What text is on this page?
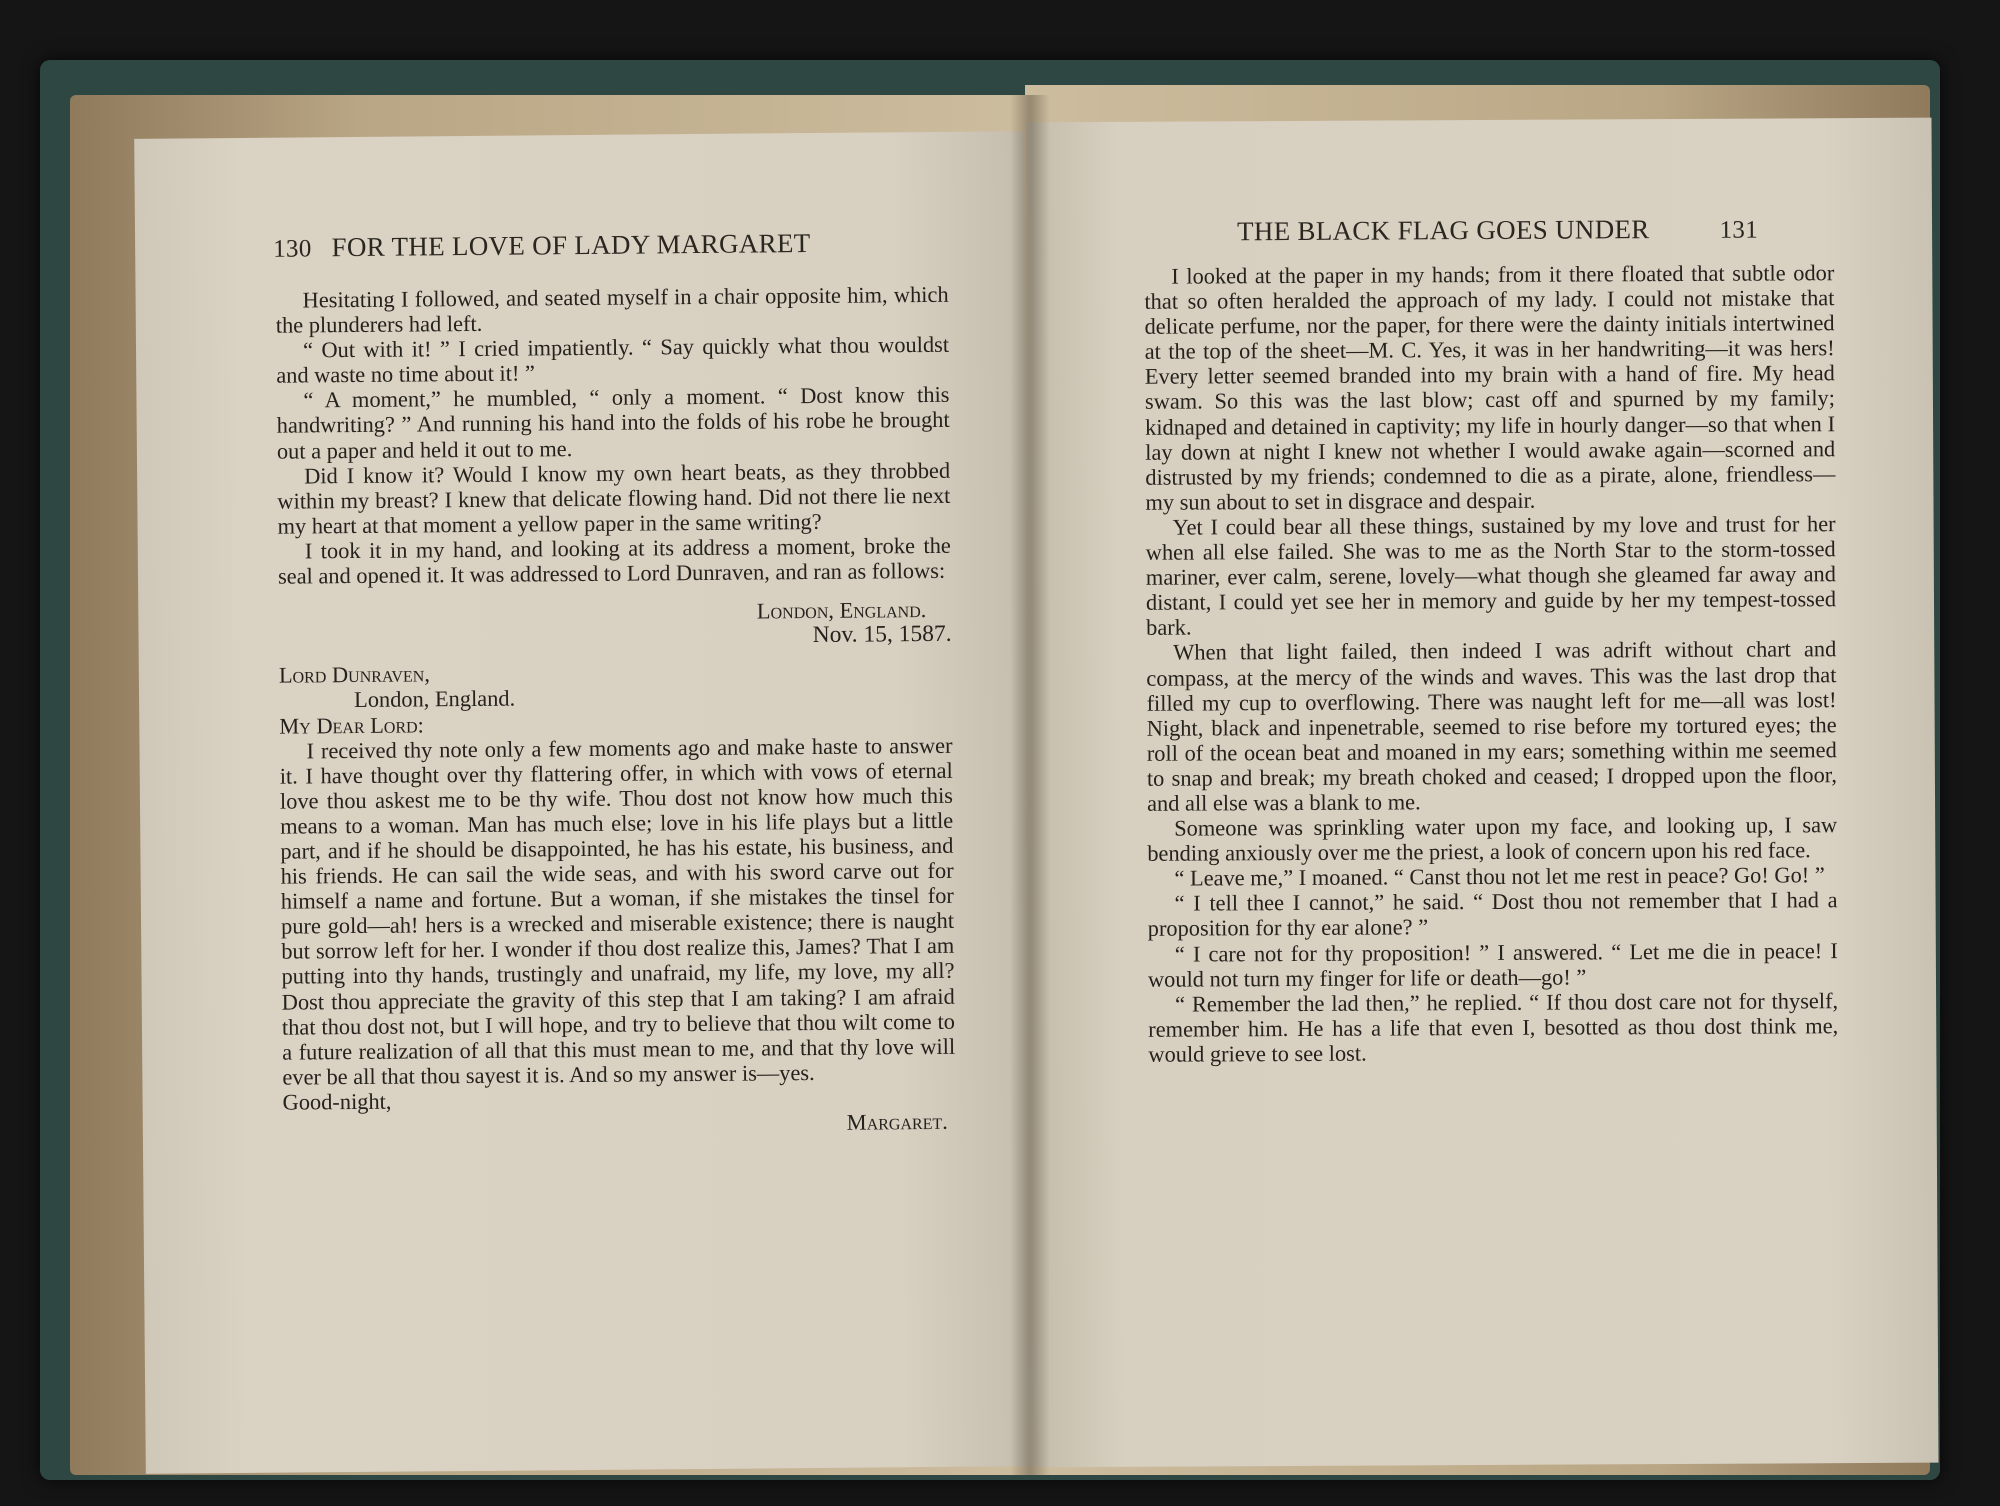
130 FOR THE LOVE OF LADY MARGARET

Hesitating I followed, and seated myself in a chair opposite him, which the plunderers had left.

“ Out with it! ” I cried impatiently. “ Say quickly what thou wouldst and waste no time about it! ”

“ A moment,” he mumbled, “ only a moment. “ Dost know this handwriting? ” And running his hand into the folds of his robe he brought out a paper and held it out to me.

Did I know it? Would I know my own heart beats, as they throbbed within my breast? I knew that delicate flowing hand. Did not there lie next my heart at that moment a yellow paper in the same writing?

I took it in my hand, and looking at its address a moment, broke the seal and opened it. It was addressed to Lord Dunraven, and ran as follows:

London, England.

Nov. 15, 1587.

Lord Dunraven,

London, England.

My Dear Lord:

I received thy note only a few moments ago and make haste to answer it. I have thought over thy flattering offer, in which with vows of eternal love thou askest me to be thy wife. Thou dost not know how much this means to a woman. Man has much else; love in his life plays but a little part, and if he should be disappointed, he has his estate, his business, and his friends. He can sail the wide seas, and with his sword carve out for himself a name and fortune. But a woman, if she mistakes the tinsel for pure gold—ah! hers is a wrecked and miserable existence; there is naught but sorrow left for her. I wonder if thou dost realize this, James? That I am putting into thy hands, trustingly and unafraid, my life, my love, my all? Dost thou appreciate the gravity of this step that I am taking? I am afraid that thou dost not, but I will hope, and try to believe that thou wilt come to a future realization of all that this must mean to me, and that thy love will ever be all that thou sayest it is. And so my answer is—yes.

Good-night,

Margaret.

THE BLACK FLAG GOES UNDER	131

I looked at the paper in my hands; from it there floated that subtle odor that so often heralded the approach of my lady. I could not mistake that delicate perfume, nor the paper, for there were the dainty initials intertwined at the top of the sheet—M. C. Yes, it was in her handwriting—it was hers! Every letter seemed branded into my brain with a hand of fire. My head swam. So this was the last blow; cast off and spurned by my family; kidnaped and detained in captivity; my life in hourly danger—so that when I lay down at night I knew not whether I would awake again—scorned and distrusted by my friends; condemned to die as a pirate, alone, friendless—my sun about to set in disgrace and despair.

Yet I could bear all these things, sustained by my love and trust for her when all else failed. She was to me as the North Star to the storm-tossed mariner, ever calm, serene, lovely—what though she gleamed far away and distant, I could yet see her in memory and guide by her my tempest-tossed bark.

When that light failed, then indeed I was adrift without chart and compass, at the mercy of the winds and waves. This was the last drop that filled my cup to overflowing. There was naught left for me—all was lost! Night, black and inpenetrable, seemed to rise before my tortured eyes; the roll of the ocean beat and moaned in my ears; something within me seemed to snap and break; my breath choked and ceased; I dropped upon the floor, and all else was a blank to me.

Someone was sprinkling water upon my face, and looking up, I saw bending anxiously over me the priest, a look of concern upon his red face.

“ Leave me,” I moaned. “ Canst thou not let me rest in peace? Go! Go! ”

“ I tell thee I cannot,” he said. “ Dost thou not remember that I had a proposition for thy ear alone? ”

“ I care not for thy proposition! ” I answered. “ Let me die in peace! I would not turn my finger for life or death—go! ”

“ Remember the lad then,” he replied. “ If thou dost care not for thyself, remember him. He has a life that even I, besotted as thou dost think me, would grieve to see lost.
